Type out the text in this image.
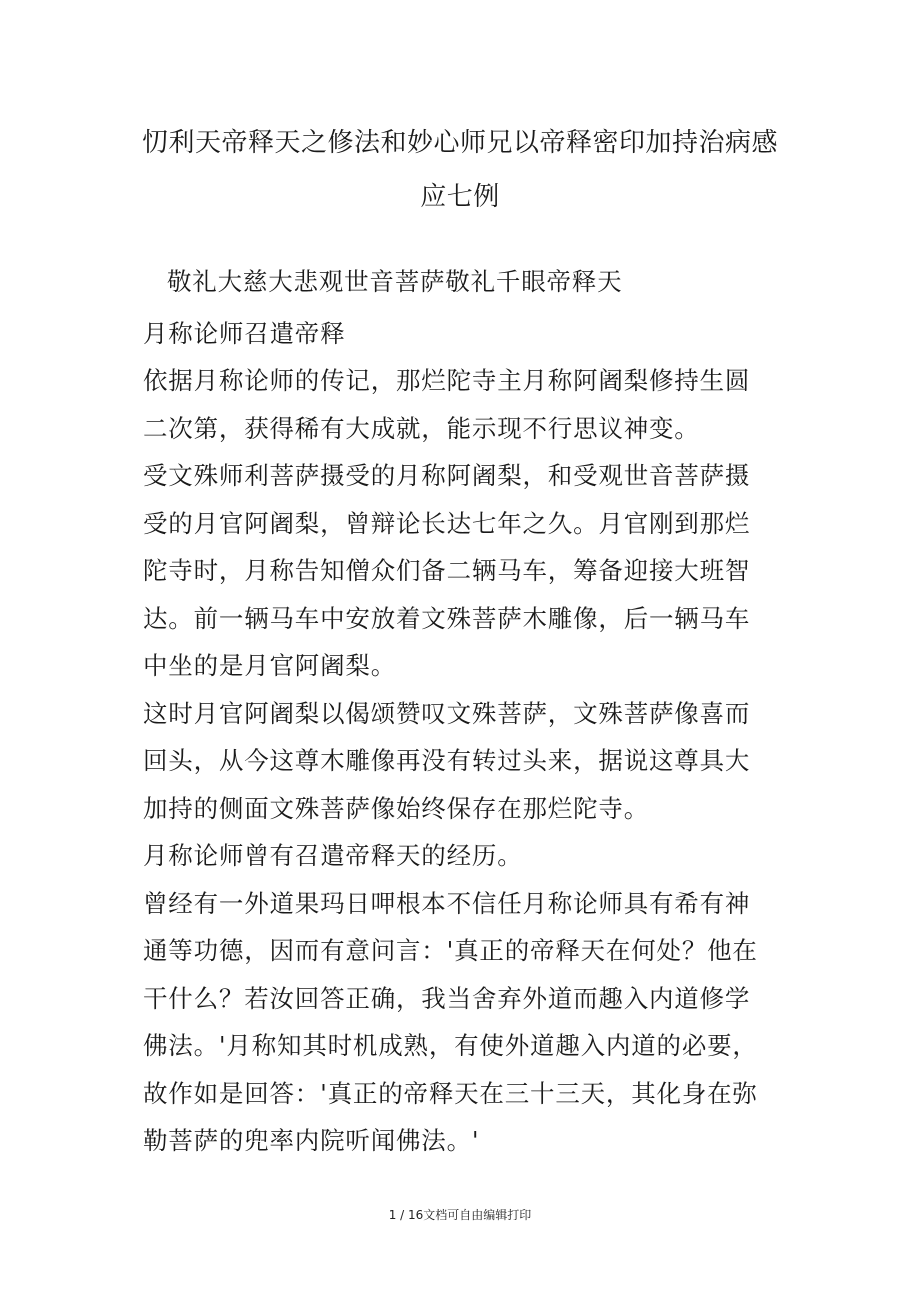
忉利天帝释天之修法和妙心师兄以帝释密印加持治病感应七例

敬礼大慈大悲观世音菩萨敬礼千眼帝释天

月称论师召遣帝释

依据月称论师的传记，那烂陀寺主月称阿阇梨修持生圆二次第，获得稀有大成就，能示现不行思议神变。

受文殊师利菩萨摄受的月称阿阇梨，和受观世音菩萨摄受的月官阿阇梨，曾辩论长达七年之久。月官刚到那烂陀寺时，月称告知僧众们备二辆马车，筹备迎接大班智达。前一辆马车中安放着文殊菩萨木雕像，后一辆马车中坐的是月官阿阇梨。

这时月官阿阇梨以偈颂赞叹文殊菩萨，文殊菩萨像喜而回头，从今这尊木雕像再没有转过头来，据说这尊具大加持的侧面文殊菩萨像始终保存在那烂陀寺。

月称论师曾有召遣帝释天的经历。

曾经有一外道果玛日呷根本不信任月称论师具有希有神通等功德，因而有意问言：'真正的帝释天在何处？他在干什么？若汝回答正确，我当舍弃外道而趣入内道修学佛法。'月称知其时机成熟，有使外道趣入内道的必要，故作如是回答：'真正的帝释天在三十三天，其化身在弥勒菩萨的兜率内院听闻佛法。'

1 / 16文档可自由编辑打印
